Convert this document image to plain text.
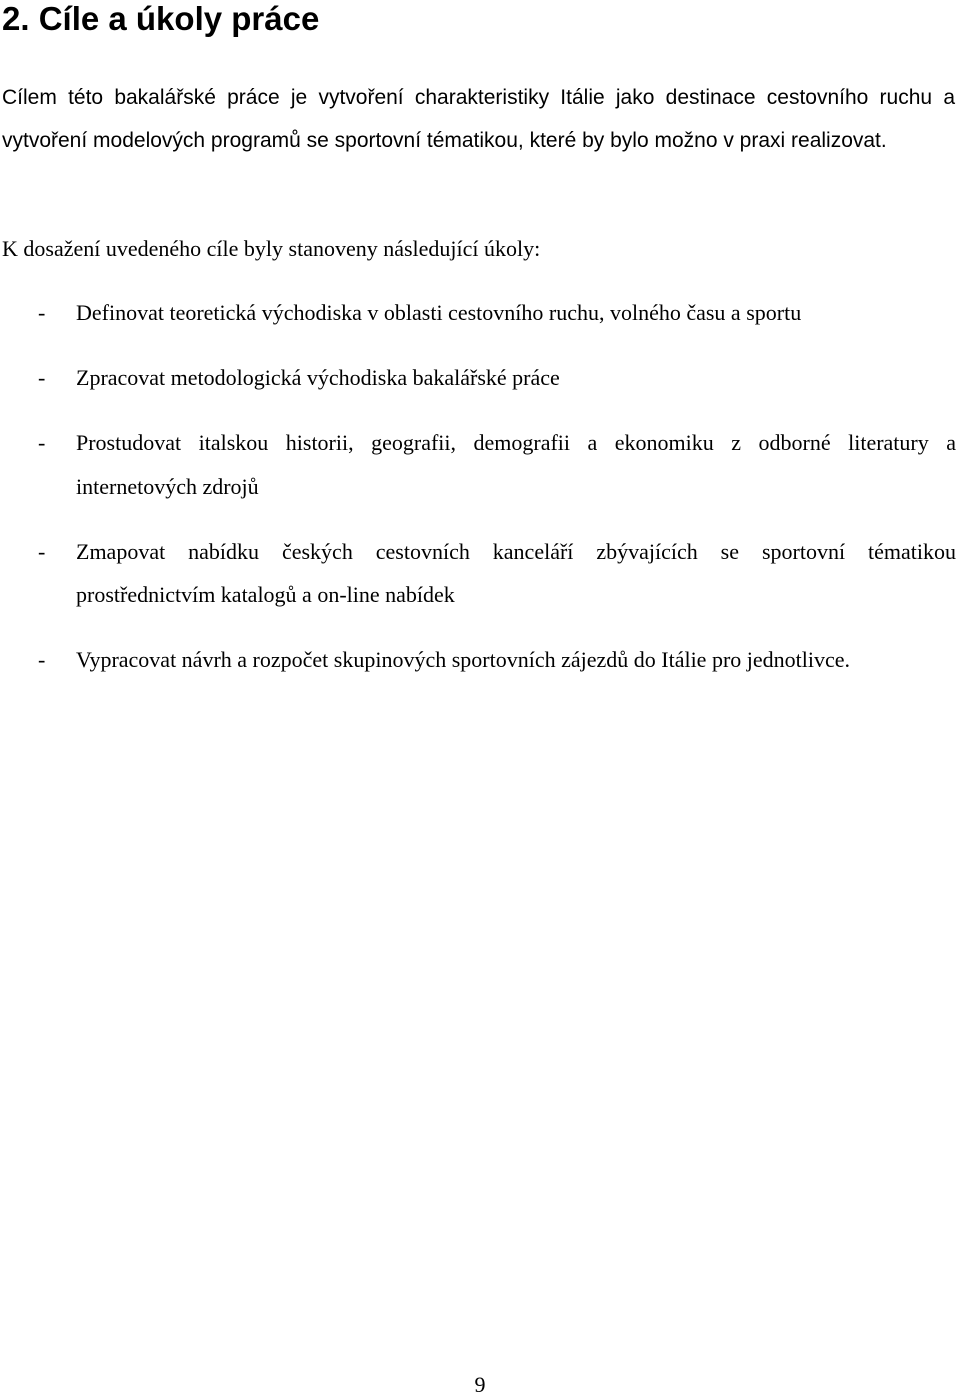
2. Cíle a úkoly práce

Cílem této bakalářské práce je vytvoření charakteristiky Itálie jako destinace cestovního ruchu a vytvoření modelových programů se sportovní tématikou, které by bylo možno v praxi realizovat.

K dosažení uvedeného cíle byly stanoveny následující úkoly:

- Definovat teoretická východiska v oblasti cestovního ruchu, volného času a sportu
- Zpracovat metodologická východiska bakalářské práce
- Prostudovat italskou historii, geografii, demografii a ekonomiku z odborné literatury a internetových zdrojů
- Zmapovat nabídku českých cestovních kanceláří zbývajících se sportovní tématikou prostřednictvím katalogů a on-line nabídek
- Vypracovat návrh a rozpočet skupinových sportovních zájezdů do Itálie pro jednotlivce.
9
